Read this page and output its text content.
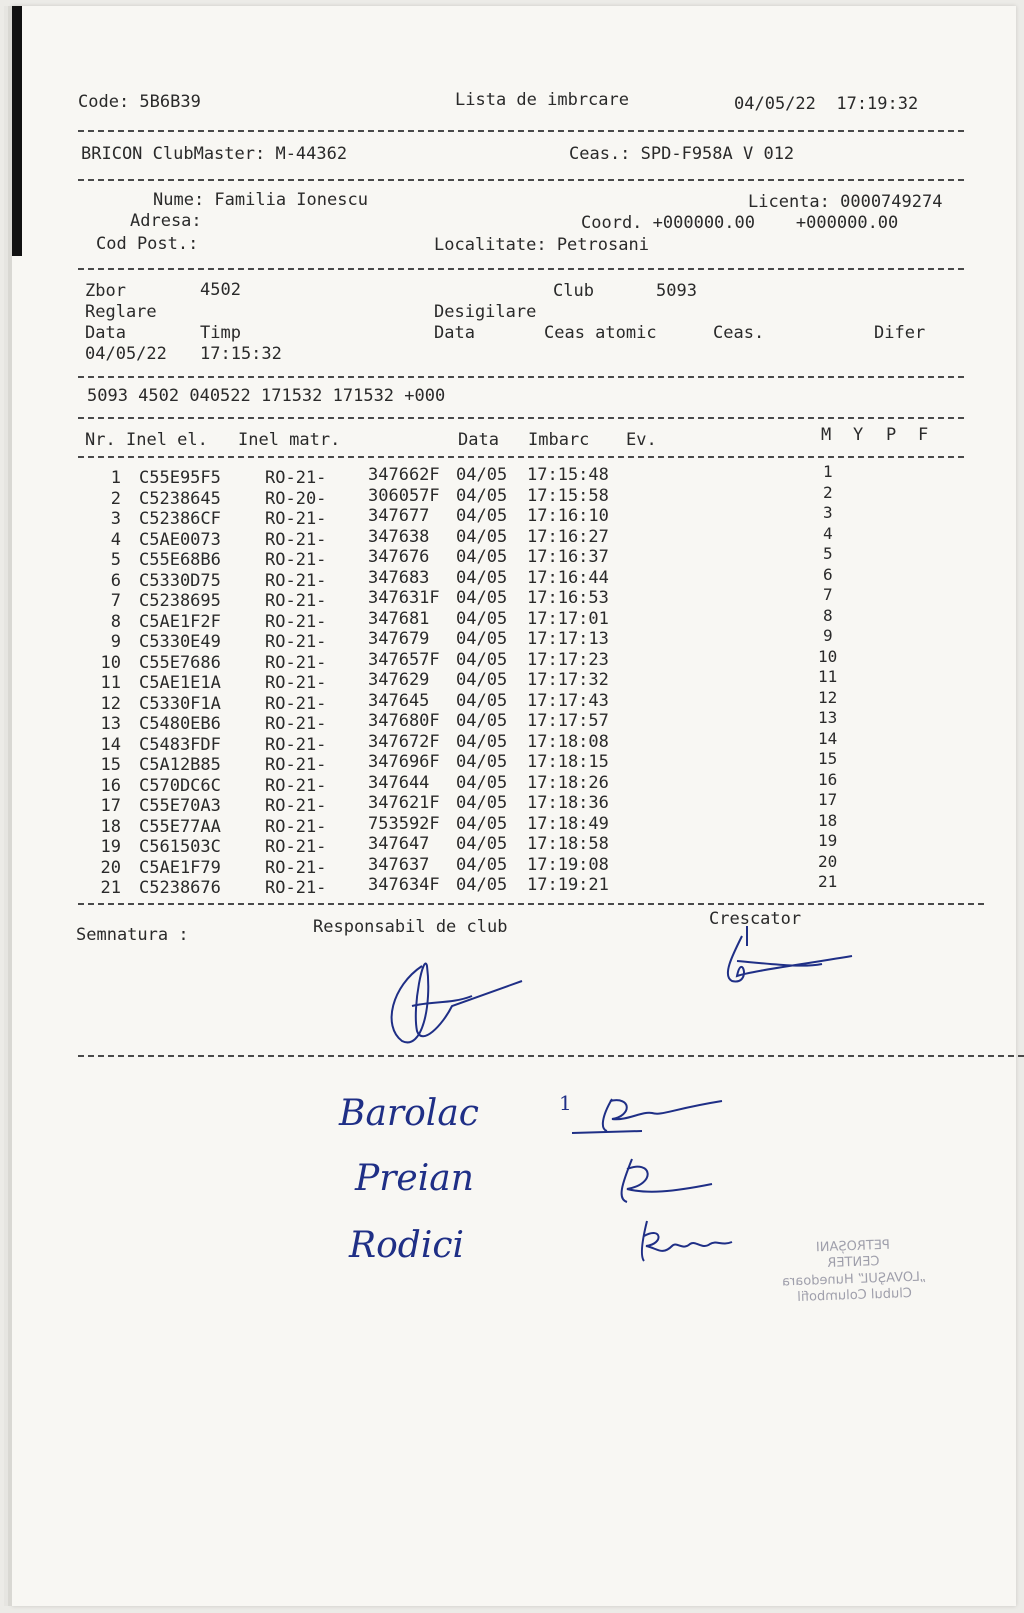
Code: 5B6B39	Lista de imbrcare	04/05/22  17:19:32
BRICON ClubMaster: M-44362	Ceas.: SPD-F958A V 012
Nume: Familia Ionescu	Licenta: 0000749274
Adresa:	Coord. +000000.00    +000000.00
Cod Post.:	Localitate: Petrosani
Zbor	4502	Club	5093
Reglare	Desigilare
Data	Timp	Data	Ceas atomic	Ceas.	Difer
04/05/22 17:15:32
5093 4502 040522 171532 171532 +000
Nr. Inel el. Inel matr.	Data Imbarc Ev.	M Y P F
1 C55E95F5	RO-21- 347662F 04/05 17:15:48	1
2 C5238645	RO-20- 306057F 04/05 17:15:58	2
3 C52386CF	RO-21- 347677 04/05 17:16:10	3
4 C5AE0073	RO-21- 347638 04/05 17:16:27	4
5 C55E68B6	RO-21- 347676 04/05 17:16:37	5
6 C5330D75	RO-21- 347683 04/05 17:16:44	6
7 C5238695	RO-21- 347631F 04/05 17:16:53	7
8 C5AE1F2F	RO-21- 347681 04/05 17:17:01	8
9 C5330E49	RO-21- 347679 04/05 17:17:13	9
10 C55E7686	RO-21- 347657F 04/05 17:17:23	10
11 C5AE1E1A	RO-21- 347629 04/05 17:17:32	11
12 C5330F1A	RO-21- 347645 04/05 17:17:43	12
13 C5480EB6	RO-21- 347680F 04/05 17:17:57	13
14 C5483FDF	RO-21- 347672F 04/05 17:18:08	14
15 C5A12B85	RO-21- 347696F 04/05 17:18:15	15
16 C570DC6C	RO-21- 347644 04/05 17:18:26	16
17 C55E70A3	RO-21- 347621F 04/05 17:18:36	17
18 C55E77AA	RO-21- 753592F 04/05 17:18:49	18
19 C561503C	RO-21- 347647 04/05 17:18:58	19
20 C5AE1F79	RO-21- 347637 04/05 17:19:08	20
21 C5238676	RO-21- 347634F 04/05 17:19:21	21
Semnatura :	Responsabil de club	Crescator
Barolac
Preian
Rodici
1
PETROȘANI
CENTER
„LOVAŞUL” Hunedoara
Clubul Columbofil
